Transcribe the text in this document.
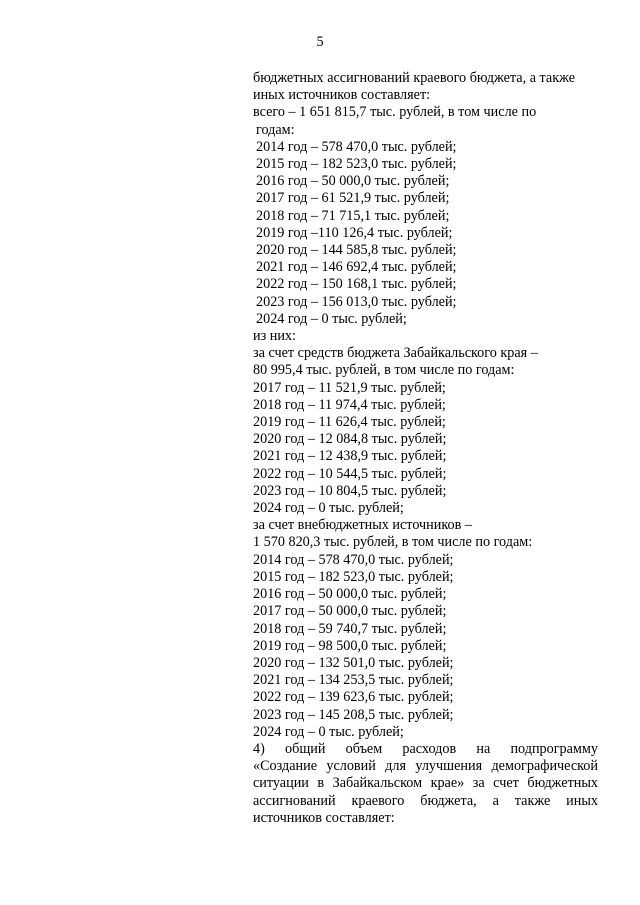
5
бюджетных ассигнований краевого бюджета, а также
иных источников составляет:
всего – 1 651 815,7 тыс. рублей, в том числе по
годам:
2014 год – 578 470,0 тыс. рублей;
2015 год – 182 523,0 тыс. рублей;
2016 год – 50 000,0 тыс. рублей;
2017 год – 61 521,9 тыс. рублей;
2018 год – 71 715,1 тыс. рублей;
2019 год –110 126,4 тыс. рублей;
2020 год – 144 585,8 тыс. рублей;
2021 год – 146 692,4 тыс. рублей;
2022 год – 150 168,1 тыс. рублей;
2023 год – 156 013,0 тыс. рублей;
2024 год – 0 тыс. рублей;
из них:
за счет средств бюджета Забайкальского края –
80 995,4 тыс. рублей, в том числе по годам:
2017 год – 11 521,9 тыс. рублей;
2018 год – 11 974,4 тыс. рублей;
2019 год – 11 626,4 тыс. рублей;
2020 год – 12 084,8 тыс. рублей;
2021 год – 12 438,9 тыс. рублей;
2022 год – 10 544,5 тыс. рублей;
2023 год – 10 804,5 тыс. рублей;
2024 год – 0 тыс. рублей;
за счет внебюджетных источников –
1 570 820,3 тыс. рублей, в том числе по годам:
2014 год – 578 470,0 тыс. рублей;
2015 год – 182 523,0 тыс. рублей;
2016 год – 50 000,0 тыс. рублей;
2017 год – 50 000,0 тыс. рублей;
2018 год – 59 740,7 тыс. рублей;
2019 год – 98 500,0 тыс. рублей;
2020 год – 132 501,0 тыс. рублей;
2021 год – 134 253,5 тыс. рублей;
2022 год – 139 623,6 тыс. рублей;
2023 год – 145 208,5 тыс. рублей;
2024 год – 0 тыс. рублей;
4) общий объем расходов на подпрограмму
«Создание условий для улучшения демографической
ситуации в Забайкальском крае» за счет бюджетных
ассигнований краевого бюджета, а также иных
источников составляет:
